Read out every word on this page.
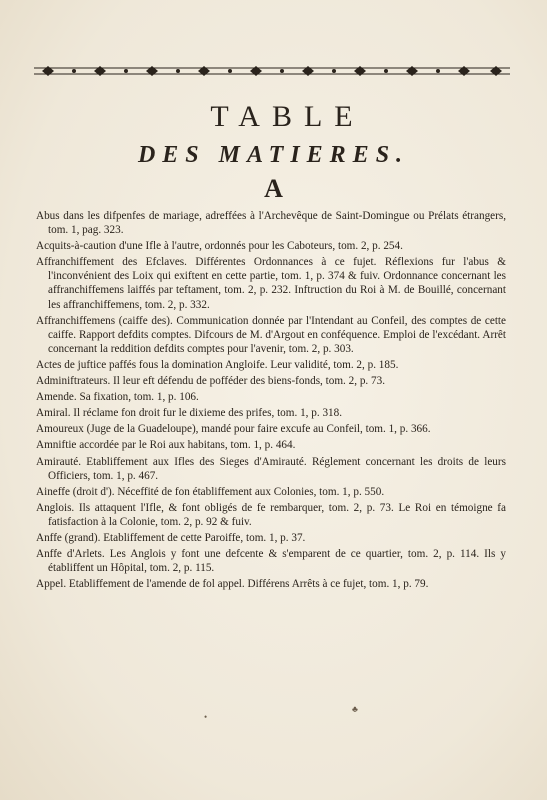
TABLE
DES MATIERES.
A

Abus dans les difpenfes de mariage, adreffées à l'Archevêque de Saint-Domingue ou Prélats étrangers, tom. 1, pag. 323.

Acquits-à-caution d'une Ifle à l'autre, ordonnés pour les Caboteurs, tom. 2, p. 254.

Affranchiffement des Efclaves. Différentes Ordonnances à ce fujet. Réflexions fur l'abus & l'inconvénient des Loix qui exiftent en cette partie, tom. 1, p. 374 & fuiv. Ordonnance concernant les affranchiffemens laiffés par teftament, tom. 2, p. 232. Inftruction du Roi à M. de Bouillé, concernant les affranchiffemens, tom. 2, p. 332.

Affranchiffemens (caiffe des). Communication donnée par l'Intendant au Confeil, des comptes de cette caiffe. Rapport defdits comptes. Difcours de M. d'Argout en conféquence. Emploi de l'excédant. Arrêt concernant la reddition defdits comptes pour l'avenir, tom. 2, p. 303.

Actes de juftice paffés fous la domination Angloife. Leur validité, tom. 2, p. 185.

Adminiftrateurs. Il leur eft défendu de pofféder des biens-fonds, tom. 2, p. 73.

Amende. Sa fixation, tom. 1, p. 106.

Amiral. Il réclame fon droit fur le dixieme des prifes, tom. 1, p. 318.

Amoureux (Juge de la Guadeloupe), mandé pour faire excufe au Confeil, tom. 1, p. 366.

Amniftie accordée par le Roi aux habitans, tom. 1, p. 464.

Amirauté. Etabliffement aux Ifles des Sieges d'Amirauté. Réglement concernant les droits de leurs Officiers, tom. 1, p. 467.

Aineffe (droit d'). Néceffité de fon établiffement aux Colonies, tom. 1, p. 550.

Anglois. Ils attaquent l'Ifle, & font obligés de fe rembarquer, tom. 2, p. 73. Le Roi en témoigne fa fatisfaction à la Colonie, tom. 2, p. 92 & fuiv.

Anffe (grand). Etabliffement de cette Paroiffe, tom. 1, p. 37.

Anffe d'Arlets. Les Anglois y font une defcente & s'emparent de ce quartier, tom. 2, p. 114. Ils y établiffent un Hôpital, tom. 2, p. 115.

Appel. Etabliffement de l'amende de fol appel. Différens Arrêts à ce fujet, tom. 1, p. 79.

♣
•
